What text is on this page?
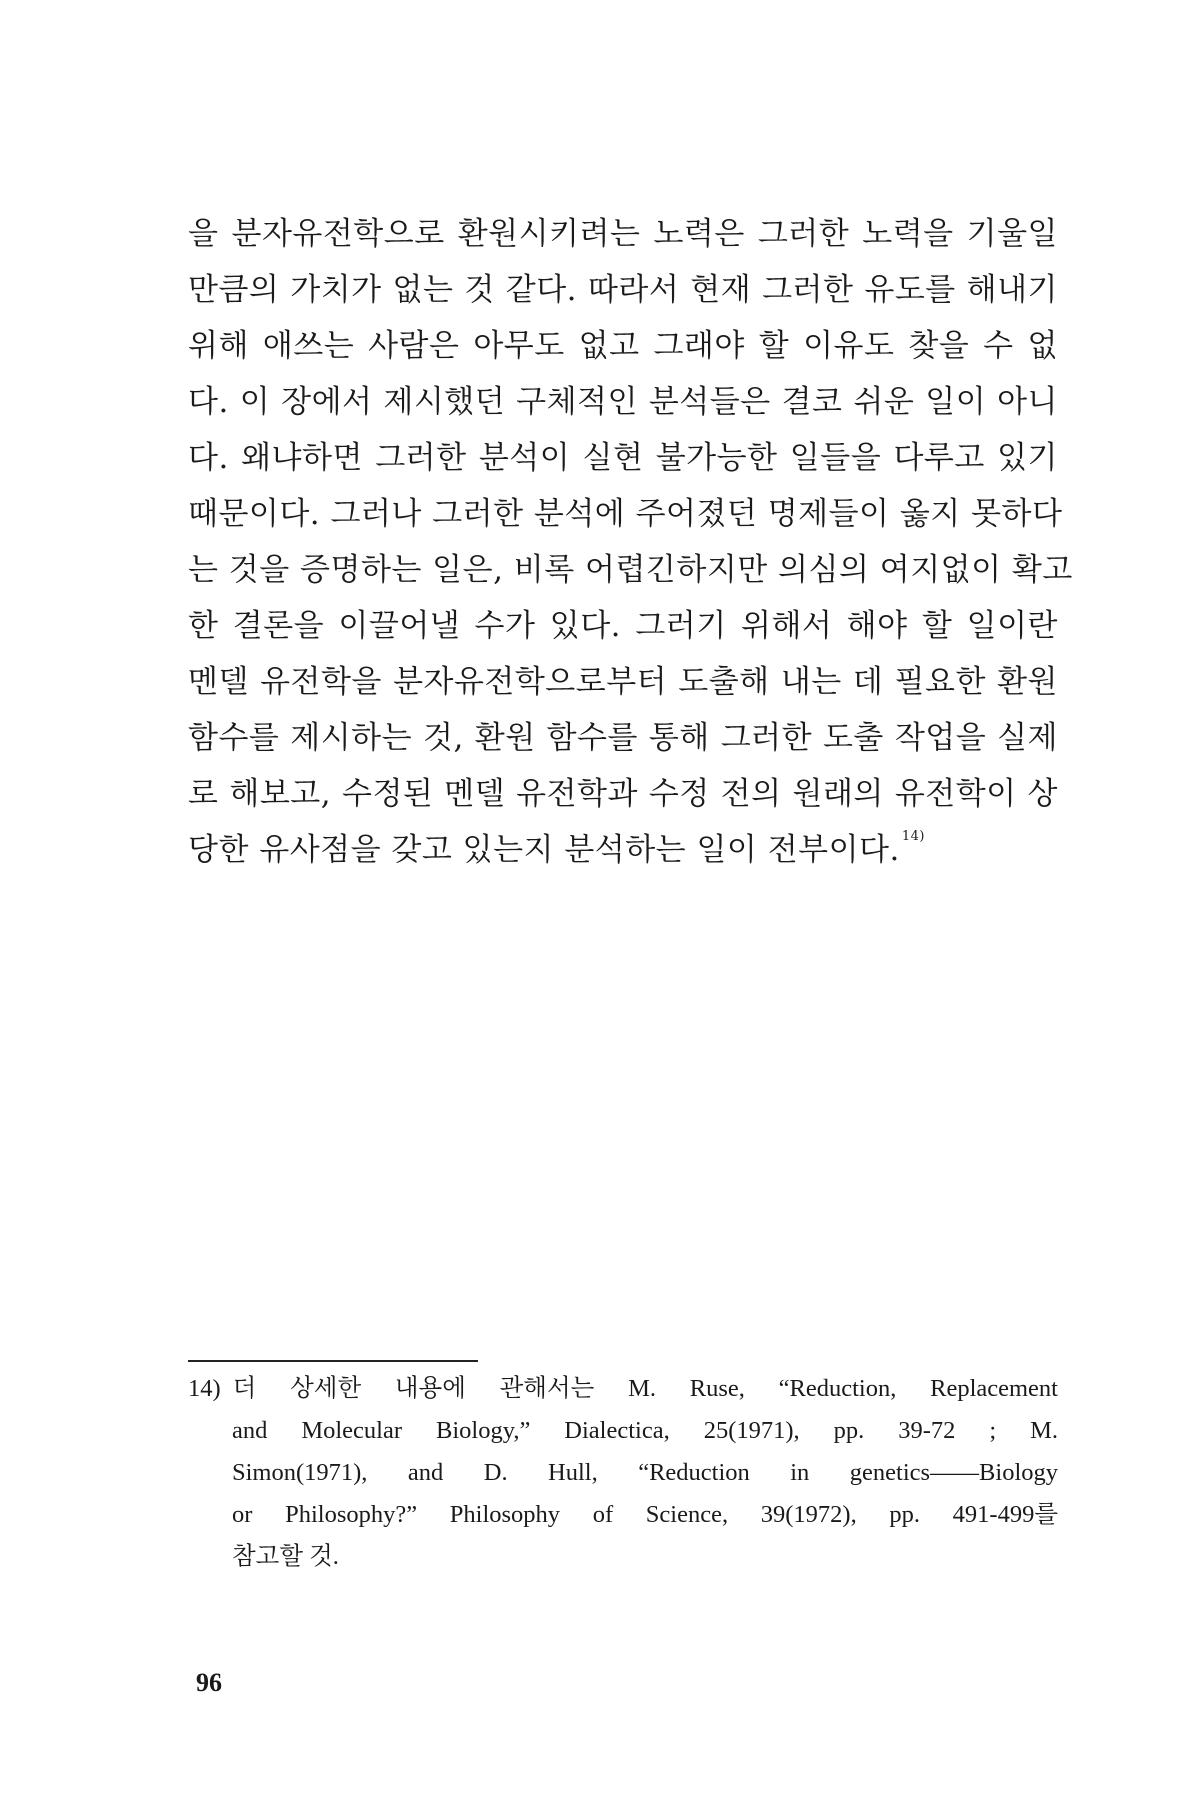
을 분자유전학으로 환원시키려는 노력은 그러한 노력을 기울일
만큼의 가치가 없는 것 같다. 따라서 현재 그러한 유도를 해내기
위해 애쓰는 사람은 아무도 없고 그래야 할 이유도 찾을 수 없
다. 이 장에서 제시했던 구체적인 분석들은 결코 쉬운 일이 아니
다. 왜냐하면 그러한 분석이 실현 불가능한 일들을 다루고 있기
때문이다. 그러나 그러한 분석에 주어졌던 명제들이 옳지 못하다
는 것을 증명하는 일은, 비록 어렵긴하지만 의심의 여지없이 확고
한 결론을 이끌어낼 수가 있다. 그러기 위해서 해야 할 일이란
멘델 유전학을 분자유전학으로부터 도출해 내는 데 필요한 환원
함수를 제시하는 것, 환원 함수를 통해 그러한 도출 작업을 실제
로 해보고, 수정된 멘델 유전학과 수정 전의 원래의 유전학이 상
당한 유사점을 갖고 있는지 분석하는 일이 전부이다. $^{14)}$
14) 더 상세한 내용에 관해서는 M. Ruse, “Reduction, Replacement
and Molecular Biology,” Dialectica, 25(1971), pp. 39-72 ; M.
Simon(1971), and D. Hull, “Reduction in genetics——Biology
or Philosophy?” Philosophy of Science, 39(1972), pp. 491-499를
참고할 것.
96
